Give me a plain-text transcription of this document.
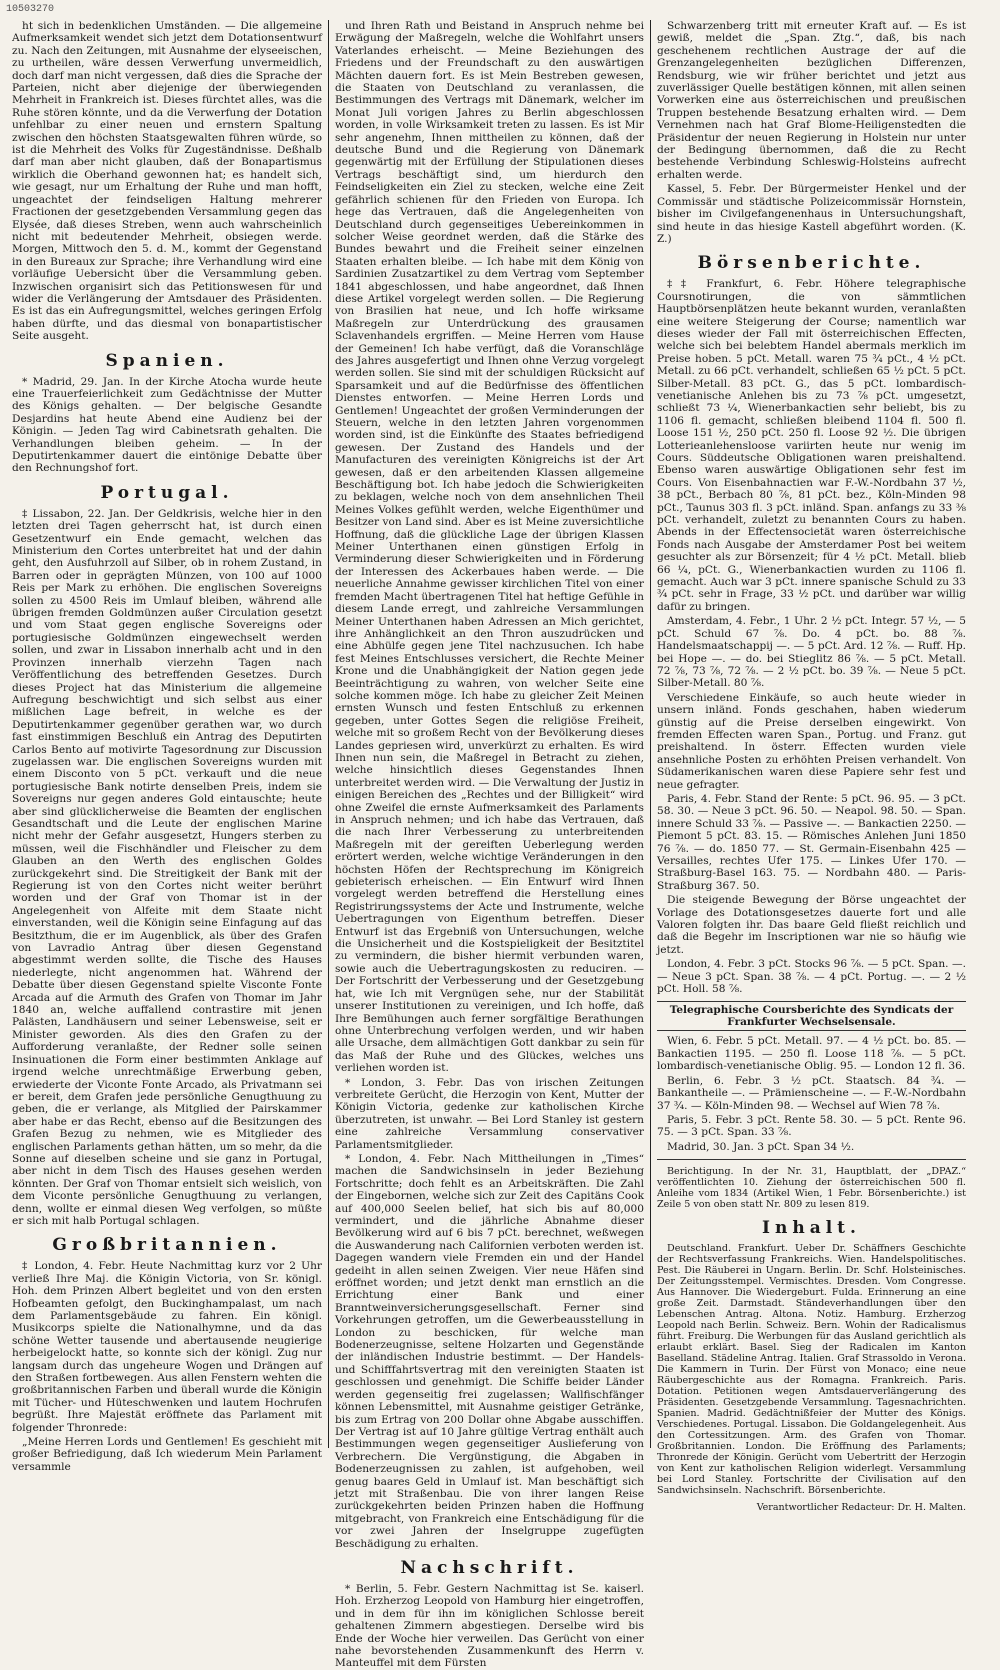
10503270

ht sich in bedenklichen Umständen. — Die allgemeine Aufmerksamkeit wendet sich jetzt dem Dotationsentwurf zu. Nach den Zeitungen, mit Ausnahme der elyseeischen, zu urtheilen, wäre dessen Verwerfung unvermeidlich, doch darf man nicht vergessen, daß dies die Sprache der Parteien, nicht aber diejenige der überwiegenden Mehrheit in Frankreich ist. Dieses fürchtet alles, was die Ruhe stören könnte, und da die Verwerfung der Dotation unfehlbar zu einer neuen und ernstern Spaltung zwischen den höchsten Staatsgewalten führen würde, so ist die Mehrheit des Volks für Zugeständnisse. Deßhalb darf man aber nicht glauben, daß der Bonapartismus wirklich die Oberhand gewonnen hat; es handelt sich, wie gesagt, nur um Erhaltung der Ruhe und man hofft, ungeachtet der feindseligen Haltung mehrerer Fractionen der gesetzgebenden Versammlung gegen das Elysée, daß dieses Streben, wenn auch wahrscheinlich nicht mit bedeutender Mehrheit, obsiegen werde. Morgen, Mittwoch den 5. d. M., kommt der Gegenstand in den Bureaux zur Sprache; ihre Verhandlung wird eine vorläufige Uebersicht über die Versammlung geben. Inzwischen organisirt sich das Petitionswesen für und wider die Verlängerung der Amtsdauer des Präsidenten. Es ist das ein Aufregungsmittel, welches geringen Erfolg haben dürfte, und das diesmal von bonapartistischer Seite ausgeht.

Spanien.

* Madrid, 29. Jan. In der Kirche Atocha wurde heute eine Trauerfeierlichkeit zum Gedächtnisse der Mutter des Königs gehalten. — Der belgische Gesandte Desjardins hat heute Abend eine Audienz bei der Königin. — Jeden Tag wird Cabinetsrath gehalten. Die Verhandlungen bleiben geheim. — In der Deputirtenkammer dauert die eintönige Debatte über den Rechnungshof fort.

Portugal.

‡ Lissabon, 22. Jan. Der Geldkrisis, welche hier in den letzten drei Tagen geherrscht hat, ist durch einen Gesetzentwurf ein Ende gemacht, welchen das Ministerium den Cortes unterbreitet hat und der dahin geht, den Ausfuhrzoll auf Silber, ob in rohem Zustand, in Barren oder in geprägten Münzen, von 100 auf 1000 Reis per Mark zu erhöhen. Die englischen Sovereigns sollen zu 4500 Reis im Umlauf bleiben, während alle übrigen fremden Goldmünzen außer Circulation gesetzt und vom Staat gegen englische Sovereigns oder portugiesische Goldmünzen eingewechselt werden sollen, und zwar in Lissabon innerhalb acht und in den Provinzen innerhalb vierzehn Tagen nach Veröffentlichung des betreffenden Gesetzes. Durch dieses Project hat das Ministerium die allgemeine Aufregung beschwichtigt und sich selbst aus einer mißlichen Lage befreit, in welche es der Deputirtenkammer gegenüber gerathen war, wo durch fast einstimmigen Beschluß ein Antrag des Deputirten Carlos Bento auf motivirte Tagesordnung zur Discussion zugelassen war. Die englischen Sovereigns wurden mit einem Disconto von 5 pCt. verkauft und die neue portugiesische Bank notirte denselben Preis, indem sie Sovereigns nur gegen anderes Gold eintauschte; heute aber sind glücklicherweise die Beamten der englischen Gesandtschaft und die Leute der englischen Marine nicht mehr der Gefahr ausgesetzt, Hungers sterben zu müssen, weil die Fischhändler und Fleischer zu dem Glauben an den Werth des englischen Goldes zurückgekehrt sind. Die Streitigkeit der Bank mit der Regierung ist von den Cortes nicht weiter berührt worden und der Graf von Thomar ist in der Angelegenheit von Alfeite mit dem Staate nicht einverstanden, weil die Königin seine Einfagung auf das Besitzthum, die er im Augenblick, als über des Grafen von Lavradio Antrag über diesen Gegenstand abgestimmt werden sollte, die Tische des Hauses niederlegte, nicht angenommen hat. Während der Debatte über diesen Gegenstand spielte Visconte Fonte Arcada auf die Armuth des Grafen von Thomar im Jahr 1840 an, welche auffallend contrastire mit jenen Palästen, Landhäusern und seiner Lebensweise, seit er Minister geworden. Als dies den Grafen zu der Aufforderung veranlaßte, der Redner solle seinen Insinuationen die Form einer bestimmten Anklage auf irgend welche unrechtmäßige Erwerbung geben, erwiederte der Viconte Fonte Arcado, als Privatmann sei er bereit, dem Grafen jede persönliche Genugthuung zu geben, die er verlange, als Mitglied der Pairskammer aber habe er das Recht, ebenso auf die Besitzungen des Grafen Bezug zu nehmen, wie es Mitglieder des englischen Parlaments gethan hätten, um so mehr, da die Sonne auf dieselben scheine und sie ganz in Portugal, aber nicht in dem Tisch des Hauses gesehen werden könnten. Der Graf von Thomar entsielt sich weislich, von dem Viconte persönliche Genugthuung zu verlangen, denn, wollte er einmal diesen Weg verfolgen, so müßte er sich mit halb Portugal schlagen.

Großbritannien.

‡ London, 4. Febr. Heute Nachmittag kurz vor 2 Uhr verließ Ihre Maj. die Königin Victoria, von Sr. königl. Hoh. dem Prinzen Albert begleitet und von den ersten Hofbeamten gefolgt, den Buckinghampalast, um nach dem Parlamentsgebäude zu fahren. Ein königl. Musikcorps spielte die Nationalhymne, und da das schöne Wetter tausende und abertausende neugierige herbeigelockt hatte, so konnte sich der königl. Zug nur langsam durch das ungeheure Wogen und Drängen auf den Straßen fortbewegen. Aus allen Fenstern wehten die großbritannischen Farben und überall wurde die Königin mit Tücher- und Hüteschwenken und lautem Hochrufen begrüßt. Ihre Majestät eröffnete das Parlament mit folgender Thronrede:

„Meine Herren Lords und Gentlemen! Es geschieht mit großer Befriedigung, daß Ich wiederum Mein Parlament versammle

und Ihren Rath und Beistand in Anspruch nehme bei Erwägung der Maßregeln, welche die Wohlfahrt unsers Vaterlandes erheischt. — Meine Beziehungen des Friedens und der Freundschaft zu den auswärtigen Mächten dauern fort. Es ist Mein Bestreben gewesen, die Staaten von Deutschland zu veranlassen, die Bestimmungen des Vertrags mit Dänemark, welcher im Monat Juli vorigen Jahres zu Berlin abgeschlossen worden, in volle Wirksamkeit treten zu lassen. Es ist Mir sehr angenehm, Ihnen mittheilen zu können, daß der deutsche Bund und die Regierung von Dänemark gegenwärtig mit der Erfüllung der Stipulationen dieses Vertrags beschäftigt sind, um hierdurch den Feindseligkeiten ein Ziel zu stecken, welche eine Zeit gefährlich schienen für den Frieden von Europa. Ich hege das Vertrauen, daß die Angelegenheiten von Deutschland durch gegenseitiges Uebereinkommen in solcher Weise geordnet werden, daß die Stärke des Bundes bewahrt und die Freiheit seiner einzelnen Staaten erhalten bleibe. — Ich habe mit dem König von Sardinien Zusatzartikel zu dem Vertrag vom September 1841 abgeschlossen, und habe angeordnet, daß Ihnen diese Artikel vorgelegt werden sollen. — Die Regierung von Brasilien hat neue, und Ich hoffe wirksame Maßregeln zur Unterdrückung des grausamen Sclavenhandels ergriffen. — Meine Herren vom Hause der Gemeinen! Ich habe verfügt, daß die Voranschläge des Jahres ausgefertigt und Ihnen ohne Verzug vorgelegt werden sollen. Sie sind mit der schuldigen Rücksicht auf Sparsamkeit und auf die Bedürfnisse des öffentlichen Dienstes entworfen. — Meine Herren Lords und Gentlemen! Ungeachtet der großen Verminderungen der Steuern, welche in den letzten Jahren vorgenommen worden sind, ist die Einkünfte des Staates befriedigend gewesen. Der Zustand des Handels und der Manufacturen des vereinigten Königreichs ist der Art gewesen, daß er den arbeitenden Klassen allgemeine Beschäftigung bot. Ich habe jedoch die Schwierigkeiten zu beklagen, welche noch von dem ansehnlichen Theil Meines Volkes gefühlt werden, welche Eigenthümer und Besitzer von Land sind. Aber es ist Meine zuversichtliche Hoffnung, daß die glückliche Lage der übrigen Klassen Meiner Unterthanen einen günstigen Erfolg in Verminderung dieser Schwierigkeiten und in Förderung der Interessen des Ackerbaues haben werde. — Die neuerliche Annahme gewisser kirchlichen Titel von einer fremden Macht übertragenen Titel hat heftige Gefühle in diesem Lande erregt, und zahlreiche Versammlungen Meiner Unterthanen haben Adressen an Mich gerichtet, ihre Anhänglichkeit an den Thron auszudrücken und eine Abhülfe gegen jene Titel nachzusuchen. Ich habe fest Meines Entschlusses versichert, die Rechte Meiner Krone und die Unabhängigkeit der Nation gegen jede Beeinträchtigung zu wahren, von welcher Seite eine solche kommen möge. Ich habe zu gleicher Zeit Meinen ernsten Wunsch und festen Entschluß zu erkennen gegeben, unter Gottes Segen die religiöse Freiheit, welche mit so großem Recht von der Bevölkerung dieses Landes gepriesen wird, unverkürzt zu erhalten. Es wird Ihnen nun sein, die Maßregel in Betracht zu ziehen, welche hinsichtlich dieses Gegenstandes Ihnen unterbreitet werden wird. — Die Verwaltung der Justiz in einigen Bereichen des „Rechtes und der Billigkeit“ wird ohne Zweifel die ernste Aufmerksamkeit des Parlaments in Anspruch nehmen; und ich habe das Vertrauen, daß die nach Ihrer Verbesserung zu unterbreitenden Maßregeln mit der gereiften Ueberlegung werden erörtert werden, welche wichtige Veränderungen in den höchsten Höfen der Rechtsprechung im Königreich gebieterisch erheischen. — Ein Entwurf wird Ihnen vorgelegt werden betreffend die Herstellung eines Registrirungssystems der Acte und Instrumente, welche Uebertragungen von Eigenthum betreffen. Dieser Entwurf ist das Ergebniß von Untersuchungen, welche die Unsicherheit und die Kostspieligkeit der Besitztitel zu vermindern, die bisher hiermit verbunden waren, sowie auch die Uebertragungskosten zu reduciren. — Der Fortschritt der Verbesserung und der Gesetzgebung hat, wie Ich mit Vergnügen sehe, nur der Stabilität unserer Institutionen zu vereinigen, und Ich hoffe, daß Ihre Bemühungen auch ferner sorgfältige Berathungen ohne Unterbrechung verfolgen werden, und wir haben alle Ursache, dem allmächtigen Gott dankbar zu sein für das Maß der Ruhe und des Glückes, welches uns verliehen worden ist.

* London, 3. Febr. Das von irischen Zeitungen verbreitete Gerücht, die Herzogin von Kent, Mutter der Königin Victoria, gedenke zur katholischen Kirche überzutreten, ist unwahr. — Bei Lord Stanley ist gestern eine zahlreiche Versammlung conservativer Parlamentsmitglieder.

* London, 4. Febr. Nach Mittheilungen in „Times“ machen die Sandwichsinseln in jeder Beziehung Fortschritte; doch fehlt es an Arbeitskräften. Die Zahl der Eingebornen, welche sich zur Zeit des Capitäns Cook auf 400,000 Seelen belief, hat sich bis auf 80,000 vermindert, und die jährliche Abnahme dieser Bevölkerung wird auf 6 bis 7 pCt. berechnet, weßwegen die Auswanderung nach Californien verboten werden ist. Dagegen wandern viele Fremden ein und der Handel gedeiht in allen seinen Zweigen. Vier neue Häfen sind eröffnet worden; und jetzt denkt man ernstlich an die Errichtung einer Bank und einer Branntweinversicherungsgesellschaft. Ferner sind Vorkehrungen getroffen, um die Gewerbeausstellung in London zu beschicken, für welche man Bodenerzeugnisse, seltene Holzarten und Gegenstände der inländischen Industrie bestimmt. — Der Handels- und Schifffahrtsvertrag mit den vereinigten Staaten ist geschlossen und genehmigt. Die Schiffe beider Länder werden gegenseitig frei zugelassen; Wallfischfänger können Lebensmittel, mit Ausnahme geistiger Getränke, bis zum Ertrag von 200 Dollar ohne Abgabe ausschiffen. Der Vertrag ist auf 10 Jahre gültige Vertrag enthält auch Bestimmungen wegen gegenseitiger Auslieferung von Verbrechern. Die Vergünstigung, die Abgaben in Bodenerzeugnissen zu zahlen, ist aufgehoben, weil genug baares Geld in Umlauf ist. Man beschäftigt sich jetzt mit Straßenbau. Die von ihrer langen Reise zurückgekehrten beiden Prinzen haben die Hoffnung mitgebracht, von Frankreich eine Entschädigung für die vor zwei Jahren der Inselgruppe zugefügten Beschädigung zu erhalten.

Nachschrift.

* Berlin, 5. Febr. Gestern Nachmittag ist Se. kaiserl. Hoh. Erzherzog Leopold von Hamburg hier eingetroffen, und in dem für ihn im königlichen Schlosse bereit gehaltenen Zimmern abgestiegen. Derselbe wird bis Ende der Woche hier verweilen. Das Gerücht von einer nahe bevorstehenden Zusammenkunft des Herrn v. Manteuffel mit dem Fürsten

Schwarzenberg tritt mit erneuter Kraft auf. — Es ist gewiß, meldet die „Span. Ztg.“, daß, bis nach geschehenem rechtlichen Austrage der auf die Grenzangelegenheiten bezüglichen Differenzen, Rendsburg, wie wir früher berichtet und jetzt aus zuverlässiger Quelle bestätigen können, mit allen seinen Vorwerken eine aus österreichischen und preußischen Truppen bestehende Besatzung erhalten wird. — Dem Vernehmen nach hat Graf Blome-Heiligenstedten die Präsidentur der neuen Regierung in Holstein nur unter der Bedingung übernommen, daß die zu Recht bestehende Verbindung Schleswig-Holsteins aufrecht erhalten werde.

Kassel, 5. Febr. Der Bürgermeister Henkel und der Commissär und städtische Polizeicommissär Hornstein, bisher im Civilgefangenenhaus in Untersuchungshaft, sind heute in das hiesige Kastell abgeführt worden. (K. Z.)

Börsenberichte.

‡‡ Frankfurt, 6. Febr. Höhere telegraphische Coursnotirungen, die von sämmtlichen Hauptbörsenplätzen heute bekannt wurden, veranlaßten eine weitere Steigerung der Course; namentlich war dieses wieder der Fall mit österreichischen Effecten, welche sich bei belebtem Handel abermals merklich im Preise hoben. 5 pCt. Metall. waren 75 ¾ pCt., 4 ½ pCt. Metall. zu 66 pCt. verhandelt, schließen 65 ½ pCt. 5 pCt. Silber-Metall. 83 pCt. G., das 5 pCt. lombardisch-venetianische Anlehen bis zu 73 ⅞ pCt. umgesetzt, schließt 73 ¼, Wienerbankactien sehr beliebt, bis zu 1106 fl. gemacht, schließen bleibend 1104 fl. 500 fl. Loose 151 ½, 250 pCt. 250 fl. Loose 92 ½. Die übrigen Lotterieanlehensloose variirten heute nur wenig im Cours. Süddeutsche Obligationen waren preishaltend. Ebenso waren auswärtige Obligationen sehr fest im Cours. Von Eisenbahnactien war F.-W.-Nordbahn 37 ½, 38 pCt., Berbach 80 ⅞, 81 pCt. bez., Köln-Minden 98 pCt., Taunus 303 fl. 3 pCt. inländ. Span. anfangs zu 33 ⅜ pCt. verhandelt, zuletzt zu benannten Cours zu haben. Abends in der Effectensocietät waren österreichische Fonds nach Ausgabe der Amsterdamer Post bei weitem gesuchter als zur Börsenzeit; für 4 ½ pCt. Metall. blieb 66 ¼, pCt. G., Wienerbankactien wurden zu 1106 fl. gemacht. Auch war 3 pCt. innere spanische Schuld zu 33 ¾ pCt. sehr in Frage, 33 ½ pCt. und darüber war willig dafür zu bringen.

Amsterdam, 4. Febr., 1 Uhr. 2 ½ pCt. Integr. 57 ½, — 5 pCt. Schuld 67 ⅞. Do. 4 pCt. bo. 88 ⅞. Handelsmaatschappij —. — 5 pCt. Ard. 12 ⅞. — Ruff. Hp. bei Hope —. — do. bei Stieglitz 86 ⅞. — 5 pCt. Metall. 72 ⅞, 73 ⅞, 72 ⅞. — 2 ½ pCt. bo. 39 ⅞. — Neue 5 pCt. Silber-Metall. 80 ⅞.

Verschiedene Einkäufe, so auch heute wieder in unsern inländ. Fonds geschahen, haben wiederum günstig auf die Preise derselben eingewirkt. Von fremden Effecten waren Span., Portug. und Franz. gut preishaltend. In österr. Effecten wurden viele ansehnliche Posten zu erhöhten Preisen verhandelt. Von Südamerikanischen waren diese Papiere sehr fest und neue gefragter.

Paris, 4. Febr. Stand der Rente: 5 pCt. 96. 95. — 3 pCt. 58. 30. — Neue 3 pCt. 96. 50. — Neapol. 98. 50. — Span. innere Schuld 33 ⅞. — Passive —. — Bankactien 2250. — Piemont 5 pCt. 83. 15. — Römisches Anlehen Juni 1850 76 ⅞. — do. 1850 77. — St. Germain-Eisenbahn 425 — Versailles, rechtes Ufer 175. — Linkes Ufer 170. — Straßburg-Basel 163. 75. — Nordbahn 480. — Paris-Straßburg 367. 50.

Die steigende Bewegung der Börse ungeachtet der Vorlage des Dotationsgesetzes dauerte fort und alle Valoren folgten ihr. Das baare Geld fließt reichlich und daß die Begehr im Inscriptionen war nie so häufig wie jetzt.

London, 4. Febr. 3 pCt. Stocks 96 ⅞. — 5 pCt. Span. —. — Neue 3 pCt. Span. 38 ⅞. — 4 pCt. Portug. —. — 2 ½ pCt. Holl. 58 ⅞.

Telegraphische Coursberichte des Syndicats der Frankfurter Wechselsensale.

Wien, 6. Febr. 5 pCt. Metall. 97. — 4 ½ pCt. bo. 85. — Bankactien 1195. — 250 fl. Loose 118 ⅞. — 5 pCt. lombardisch-venetianische Oblig. 95. — London 12 fl. 36.

Berlin, 6. Febr. 3 ½ pCt. Staatsch. 84 ¾. — Bankantheile —. — Prämienscheine —. — F.-W.-Nordbahn 37 ¾. — Köln-Minden 98. — Wechsel auf Wien 78 ⅞.

Paris, 5. Febr. 3 pCt. Rente 58. 30. — 5 pCt. Rente 96. 75. — 3 pCt. Span. 33 ⅞.

Madrid, 30. Jan. 3 pCt. Span 34 ½.

Berichtigung. In der Nr. 31, Hauptblatt, der „DPAZ.“ veröffentlichten 10. Ziehung der österreichischen 500 fl. Anleihe vom 1834 (Artikel Wien, 1 Febr. Börsenberichte.) ist Zeile 5 von oben statt Nr. 809 zu lesen 819.

Inhalt.

Deutschland. Frankfurt. Ueber Dr. Schäffners Geschichte der Rechtsverfassung Frankreichs. Wien. Handelspolitisches. Pest. Die Räuberei in Ungarn. Berlin. Dr. Schf. Holsteinisches. Der Zeitungsstempel. Vermischtes. Dresden. Vom Congresse. Aus Hannover. Die Wiedergeburt. Fulda. Erinnerung an eine große Zeit. Darmstadt. Ständeverhandlungen über den Lebenschen Antrag. Altona. Notiz. Hamburg. Erzherzog Leopold nach Berlin. Schweiz. Bern. Wohin der Radicalismus führt. Freiburg. Die Werbungen für das Ausland gerichtlich als erlaubt erklärt. Basel. Sieg der Radicalen im Kanton Baselland. Städeline Antrag. Italien. Graf Strassoldo in Verona. Die Kammern in Turin. Der Fürst von Monaco; eine neue Räubergeschichte aus der Romagna. Frankreich. Paris. Dotation. Petitionen wegen Amtsdauerverlängerung des Präsidenten. Gesetzgebende Versammlung. Tagesnachrichten. Spanien. Madrid. Gedächtnißfeier der Mutter des Königs. Verschiedenes. Portugal. Lissabon. Die Goldangelegenheit. Aus den Cortessitzungen. Arm. des Grafen von Thomar. Großbritannien. London. Die Eröffnung des Parlaments; Thronrede der Königin. Gerücht vom Uebertritt der Herzogin von Kent zur katholischen Religion widerlegt. Versammlung bei Lord Stanley. Fortschritte der Civilisation auf den Sandwichsinseln. Nachschrift. Börsenberichte.

Verantwortlicher Redacteur: Dr. H. Malten.
